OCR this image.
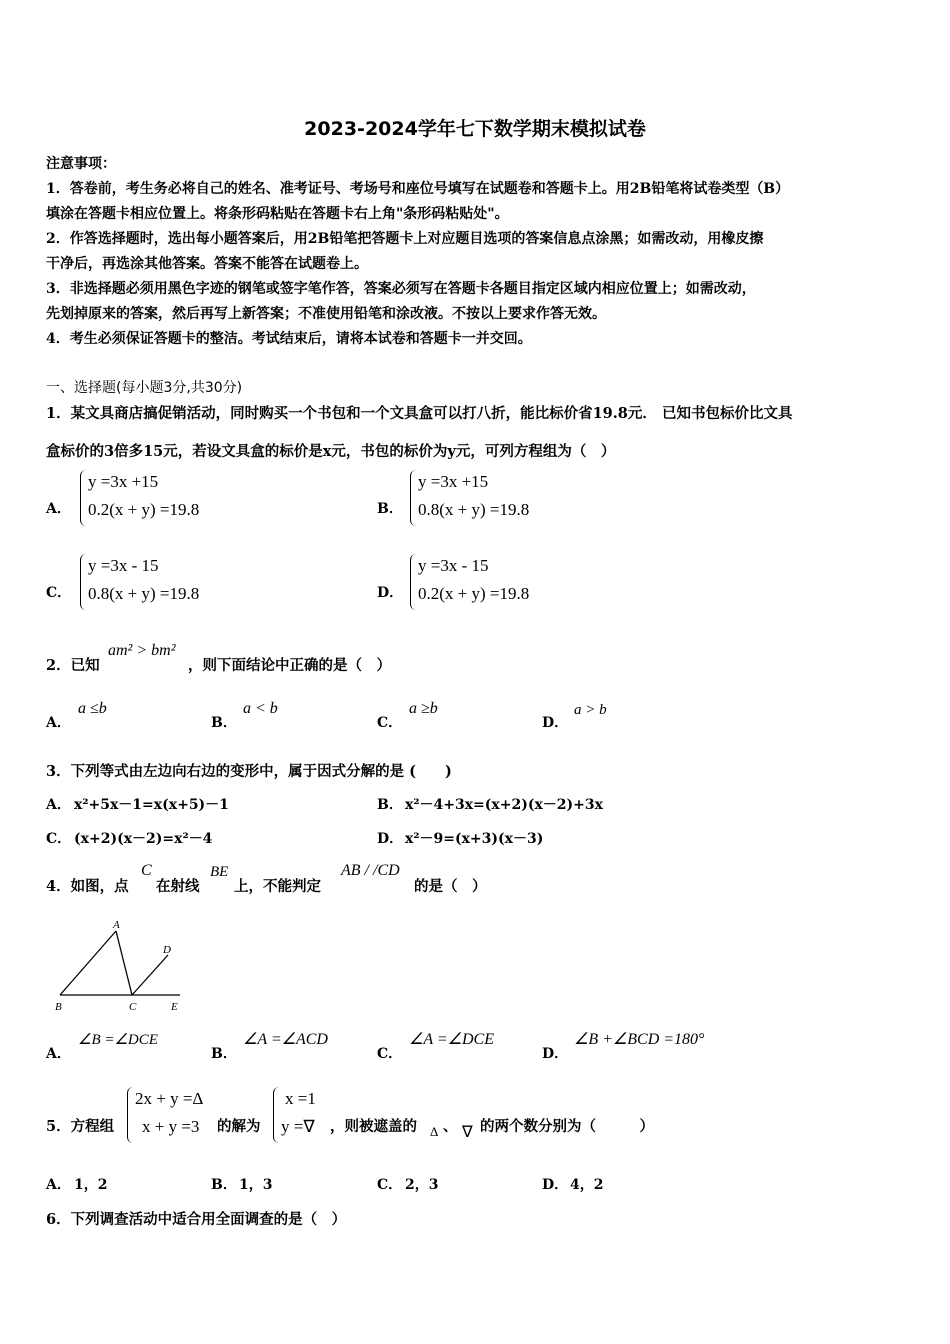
2023-2024学年七下数学期末模拟试卷
注意事项：
1．答卷前，考生务必将自己的姓名、准考证号、考场号和座位号填写在试题卷和答题卡上。用2B铅笔将试卷类型（B）
填涂在答题卡相应位置上。将条形码粘贴在答题卡右上角"条形码粘贴处"。
2．作答选择题时，选出每小题答案后，用2B铅笔把答题卡上对应题目选项的答案信息点涂黑；如需改动，用橡皮擦
干净后，再选涂其他答案。答案不能答在试题卷上。
3．非选择题必须用黑色字迹的钢笔或签字笔作答，答案必须写在答题卡各题目指定区域内相应位置上；如需改动，
先划掉原来的答案，然后再写上新答案；不准使用铅笔和涂改液。不按以上要求作答无效。
4．考生必须保证答题卡的整洁。考试结束后，请将本试卷和答题卡一并交回。
一、选择题(每小题3分,共30分)
1．某文具商店搞促销活动，同时购买一个书包和一个文具盒可以打八折，能比标价省19.8元． 已知书包标价比文具
盒标价的3倍多15元，若设文具盒的标价是x元，书包的标价为y元，可列方程组为（　）
A．
y =3x +15
0.2(x + y) =19.8	B．
y =3x +15
0.8(x + y) =19.8
C．
y =3x - 15
0.8(x + y) =19.8	D．
y =3x - 15
0.2(x + y) =19.8
2．已知
am² > bm²
，则下面结论中正确的是（　）
A．
a ≤b
B．
a < b
C．
a ≥b
D．
a > b
3．下列等式由左边向右边的变形中，属于因式分解的是 (　　)
A． x²+5x－1=x(x+5)－1	B． x²－4+3x=(x+2)(x－2)+3x
C． (x+2)(x－2)=x²－4	D． x²－9=(x+3)(x－3)
4．如图，点
C
在射线
BE
上，不能判定
AB / /CD
的是（　）
A
B	C
D
E
A．
∠B =∠DCE
B．
∠A =∠ACD
C．
∠A =∠DCE
D．
∠B +∠BCD =180°
5．方程组
2x + y =Δ
x + y =3 的解为
x =1
y =∇ ，则被遮盖的 Δ 、 ∇ 的两个数分别为（　　　）
A． 1，2	B． 1，3	C． 2，3	D． 4，2
6．下列调查活动中适合用全面调查的是（　）
